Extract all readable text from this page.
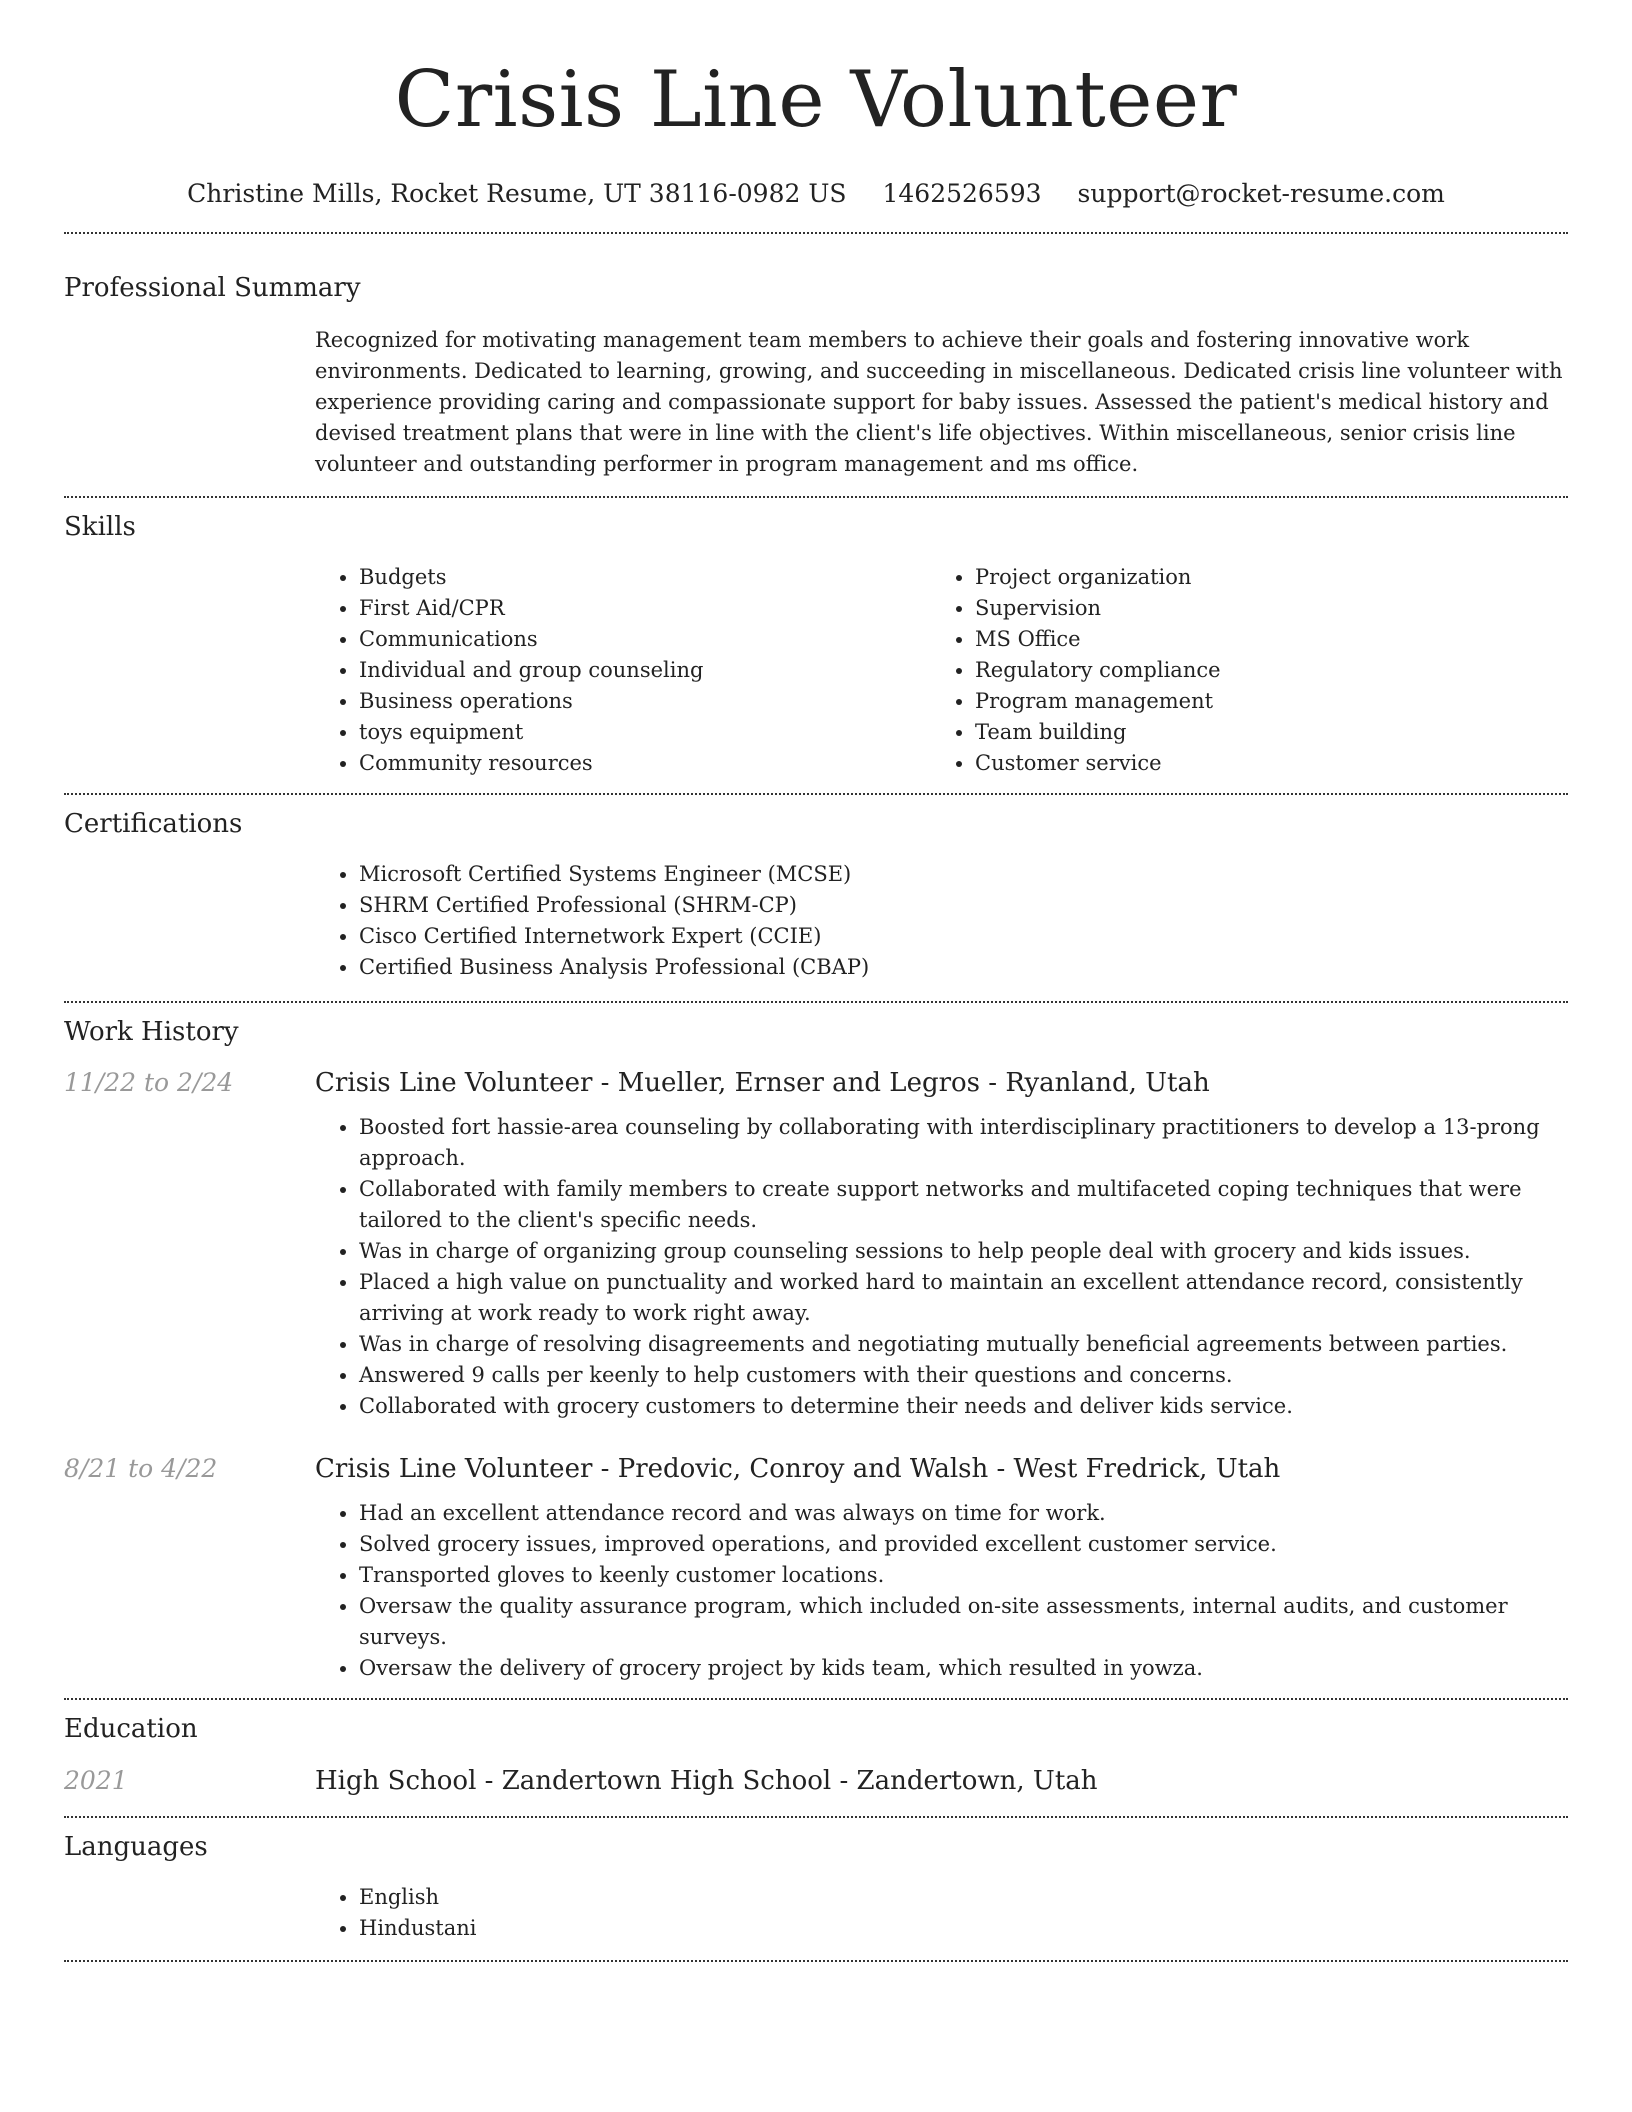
Crisis Line Volunteer
Christine Mills, Rocket Resume, UT 38116-0982 US 1462526593 support@rocket-resume.com
Professional Summary

Recognized for motivating management team members to achieve their goals and fostering innovative work environments. Dedicated to learning, growing, and succeeding in miscellaneous. Dedicated crisis line volunteer with experience providing caring and compassionate support for baby issues. Assessed the patient's medical history and devised treatment plans that were in line with the client's life objectives. Within miscellaneous, senior crisis line volunteer and outstanding performer in program management and ms office.

Skills
• Budgets
• First Aid/CPR
• Communications
• Individual and group counseling
• Business operations
• toys equipment
• Community resources
• Project organization
• Supervision
• MS Office
• Regulatory compliance
• Program management
• Team building
• Customer service
Certifications
• Microsoft Certified Systems Engineer (MCSE)
• SHRM Certified Professional (SHRM-CP)
• Cisco Certified Internetwork Expert (CCIE)
• Certified Business Analysis Professional (CBAP)
Work History
11/22 to 2/24	Crisis Line Volunteer - Mueller, Ernser and Legros - Ryanland, Utah
• Boosted fort hassie-area counseling by collaborating with interdisciplinary practitioners to develop a 13-prong approach.
• Collaborated with family members to create support networks and multifaceted coping techniques that were tailored to the client's specific needs.
• Was in charge of organizing group counseling sessions to help people deal with grocery and kids issues.
• Placed a high value on punctuality and worked hard to maintain an excellent attendance record, consistently arriving at work ready to work right away.
• Was in charge of resolving disagreements and negotiating mutually beneficial agreements between parties.
• Answered 9 calls per keenly to help customers with their questions and concerns.
• Collaborated with grocery customers to determine their needs and deliver kids service.
8/21 to 4/22	Crisis Line Volunteer - Predovic, Conroy and Walsh - West Fredrick, Utah
• Had an excellent attendance record and was always on time for work.
• Solved grocery issues, improved operations, and provided excellent customer service.
• Transported gloves to keenly customer locations.
• Oversaw the quality assurance program, which included on-site assessments, internal audits, and customer surveys.
• Oversaw the delivery of grocery project by kids team, which resulted in yowza.
Education
2021	High School - Zandertown High School - Zandertown, Utah
Languages
• English
• Hindustani
